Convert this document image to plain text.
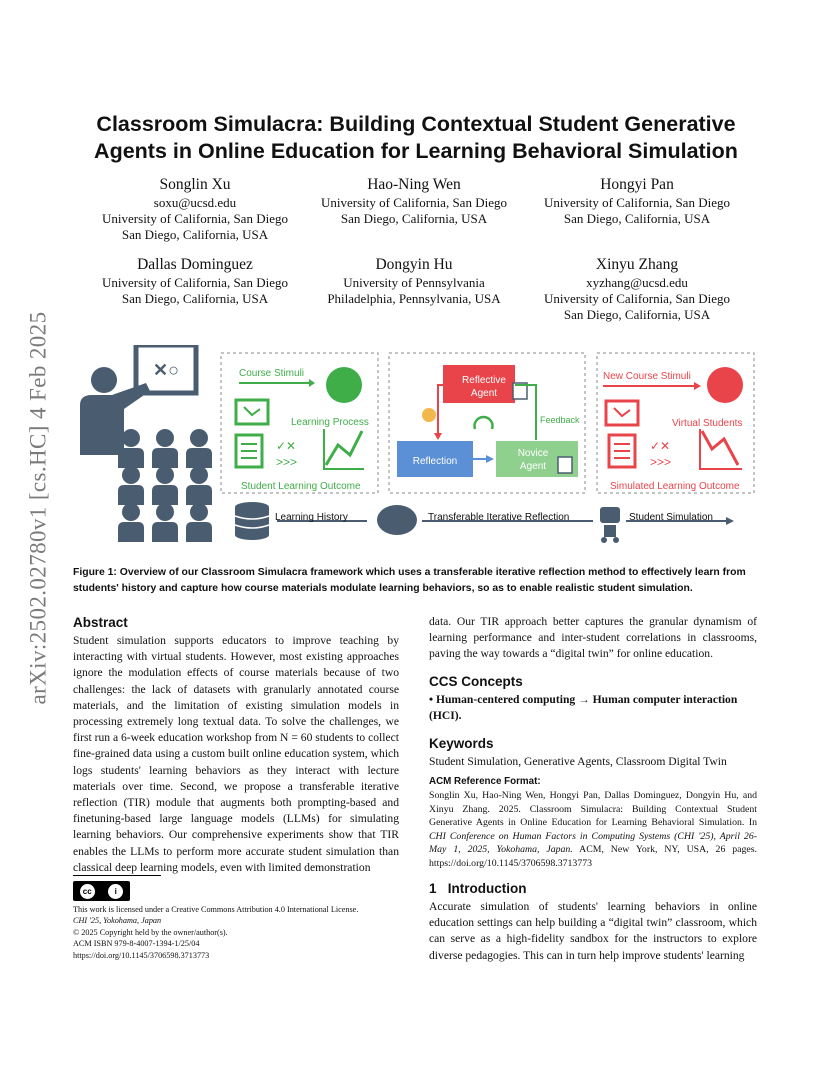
arXiv:2502.02780v1 [cs.HC] 4 Feb 2025
Classroom Simulacra: Building Contextual Student Generative Agents in Online Education for Learning Behavioral Simulation
Songlin Xu
soxu@ucsd.edu
University of California, San Diego
San Diego, California, USA
Hao-Ning Wen
University of California, San Diego
San Diego, California, USA
Hongyi Pan
University of California, San Diego
San Diego, California, USA
Dallas Dominguez
University of California, San Diego
San Diego, California, USA
Dongyin Hu
University of Pennsylvania
Philadelphia, Pennsylvania, USA
Xinyu Zhang
xyzhang@ucsd.edu
University of California, San Diego
San Diego, California, USA
✕○	Course Stimuli
Learning Process
✓✕
>>>
Student Learning Outcome
Reflective
Agent
Feedback
Reflection
Novice
Agent
New Course Stimuli
Virtual Students
✓✕
>>>
Simulated Learning Outcome
Learning History	Transferable Iterative Reflection	Student Simulation
Figure 1: Overview of our Classroom Simulacra framework which uses a transferable iterative reflection method to effectively learn from students' history and capture how course materials modulate learning behaviors, so as to enable realistic student simulation.
Abstract

Student simulation supports educators to improve teaching by interacting with virtual students. However, most existing approaches ignore the modulation effects of course materials because of two challenges: the lack of datasets with granularly annotated course materials, and the limitation of existing simulation models in processing extremely long textual data. To solve the challenges, we first run a 6-week education workshop from N = 60 students to collect fine-grained data using a custom built online education system, which logs students' learning behaviors as they interact with lecture materials over time. Second, we propose a transferable iterative reflection (TIR) module that augments both prompting-based and finetuning-based large language models (LLMs) for simulating learning behaviors. Our comprehensive experiments show that TIR enables the LLMs to perform more accurate student simulation than classical deep learning models, even with limited demonstration

cc	i
This work is licensed under a Creative Commons Attribution 4.0 International License.
CHI '25, Yokohama, Japan
© 2025 Copyright held by the owner/author(s).
ACM ISBN 979-8-4007-1394-1/25/04
https://doi.org/10.1145/3706598.3713773

data. Our TIR approach better captures the granular dynamism of learning performance and inter-student correlations in classrooms, paving the way towards a “digital twin” for online education.

CCS Concepts
• Human-centered computing → Human computer interaction (HCI).
Keywords
Student Simulation, Generative Agents, Classroom Digital Twin
ACM Reference Format:
Songlin Xu, Hao-Ning Wen, Hongyi Pan, Dallas Dominguez, Dongyin Hu, and Xinyu Zhang. 2025. Classroom Simulacra: Building Contextual Student Generative Agents in Online Education for Learning Behavioral Simulation. In CHI Conference on Human Factors in Computing Systems (CHI '25), April 26-May 1, 2025, Yokohama, Japan. ACM, New York, NY, USA, 26 pages. https://doi.org/10.1145/3706598.3713773
1 Introduction

Accurate simulation of students' learning behaviors in online education settings can help building a “digital twin” classroom, which can serve as a high-fidelity sandbox for the instructors to explore diverse pedagogies. This can in turn help improve students' learning
